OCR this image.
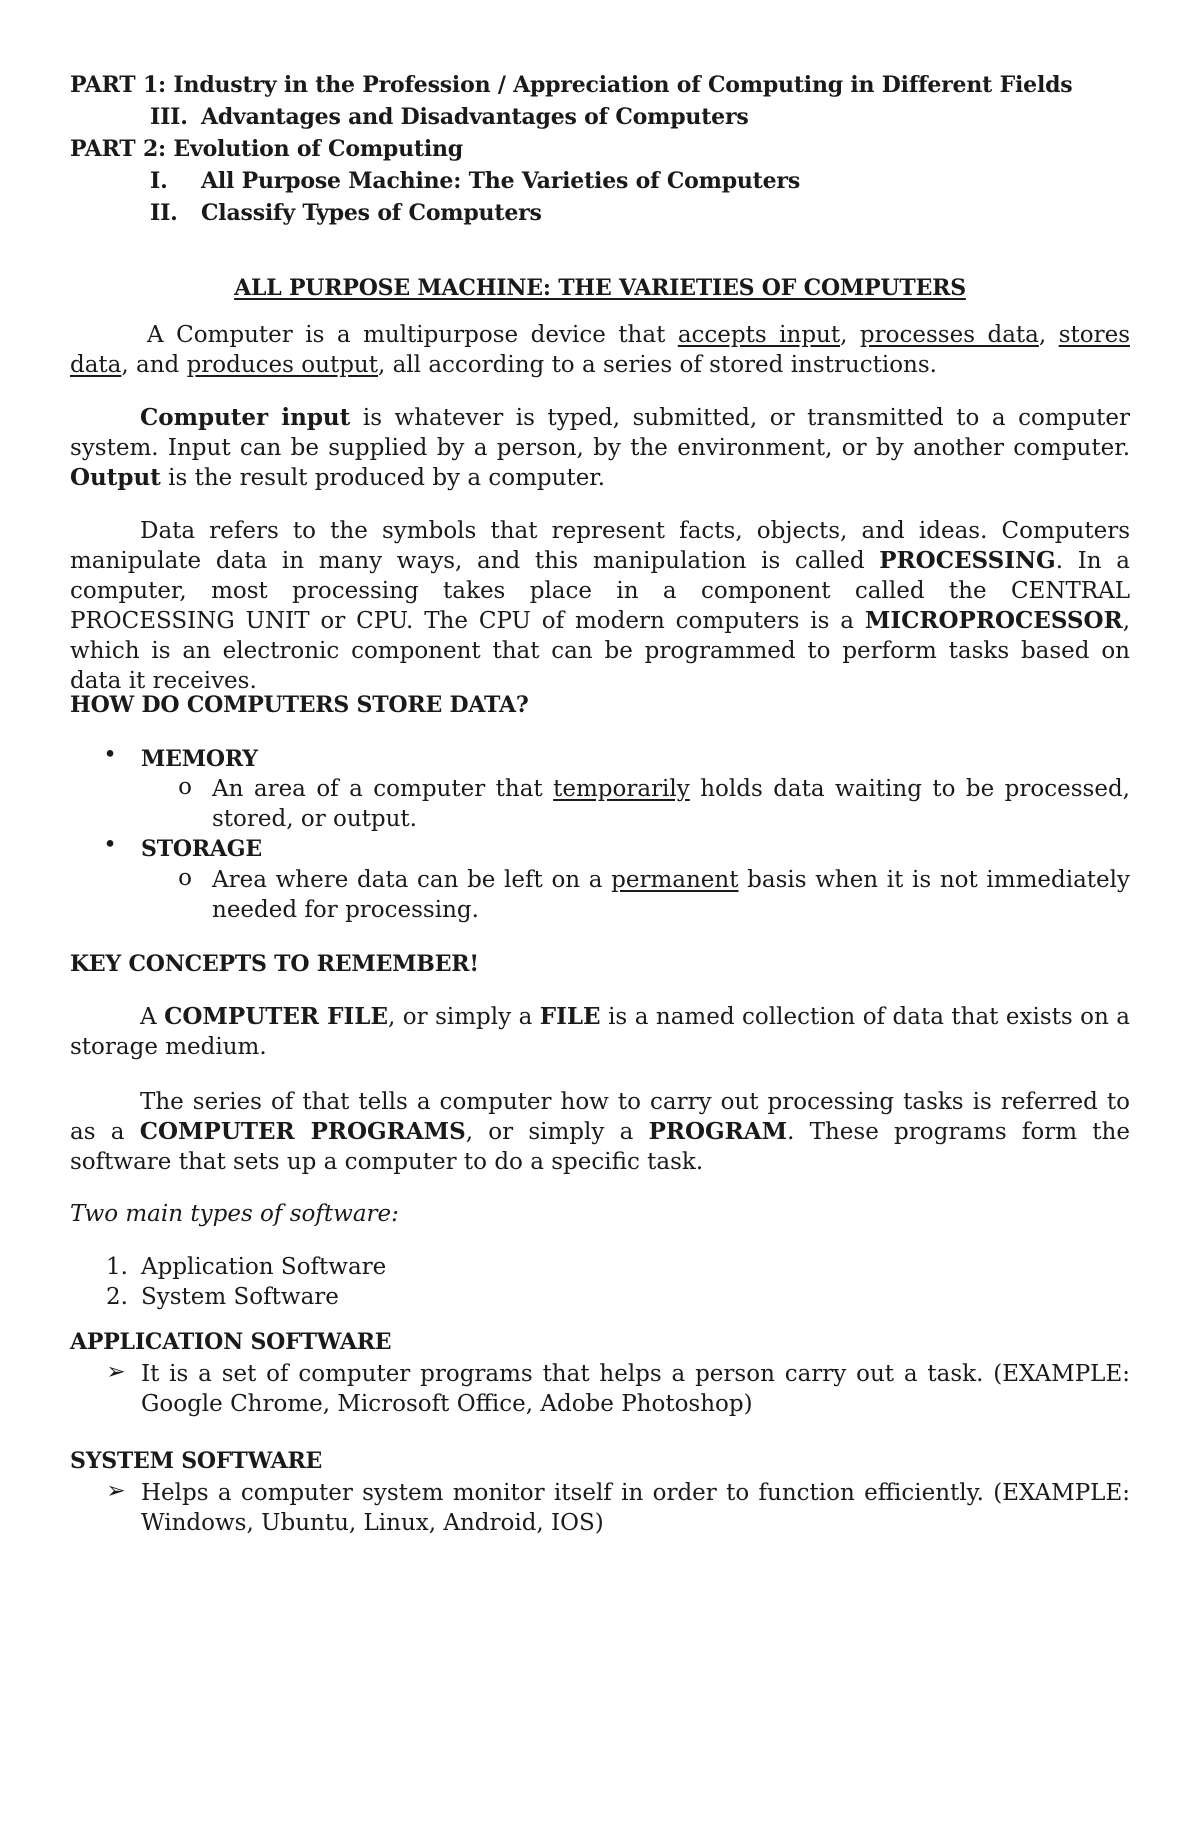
PART 1: Industry in the Profession / Appreciation of Computing in Different Fields
III. Advantages and Disadvantages of Computers
PART 2: Evolution of Computing
I. All Purpose Machine: The Varieties of Computers
II. Classify Types of Computers
ALL PURPOSE MACHINE: THE VARIETIES OF COMPUTERS
A Computer is a multipurpose device that accepts input, processes data, stores data, and produces output, all according to a series of stored instructions.
Computer input is whatever is typed, submitted, or transmitted to a computer system. Input can be supplied by a person, by the environment, or by another computer. Output is the result produced by a computer.
Data refers to the symbols that represent facts, objects, and ideas. Computers manipulate data in many ways, and this manipulation is called PROCESSING. In a computer, most processing takes place in a component called the CENTRAL PROCESSING UNIT or CPU. The CPU of modern computers is a MICROPROCESSOR, which is an electronic component that can be programmed to perform tasks based on data it receives.
HOW DO COMPUTERS STORE DATA?
• MEMORY
o An area of a computer that temporarily holds data waiting to be processed, stored, or output.
• STORAGE
o Area where data can be left on a permanent basis when it is not immediately needed for processing.
KEY CONCEPTS TO REMEMBER!
A COMPUTER FILE, or simply a FILE is a named collection of data that exists on a storage medium.
The series of that tells a computer how to carry out processing tasks is referred to as a COMPUTER PROGRAMS, or simply a PROGRAM. These programs form the software that sets up a computer to do a specific task.
Two main types of software:
1. Application Software
2. System Software
APPLICATION SOFTWARE
➢ It is a set of computer programs that helps a person carry out a task. (EXAMPLE: Google Chrome, Microsoft Office, Adobe Photoshop)
SYSTEM SOFTWARE
➢ Helps a computer system monitor itself in order to function efficiently. (EXAMPLE: Windows, Ubuntu, Linux, Android, IOS)
